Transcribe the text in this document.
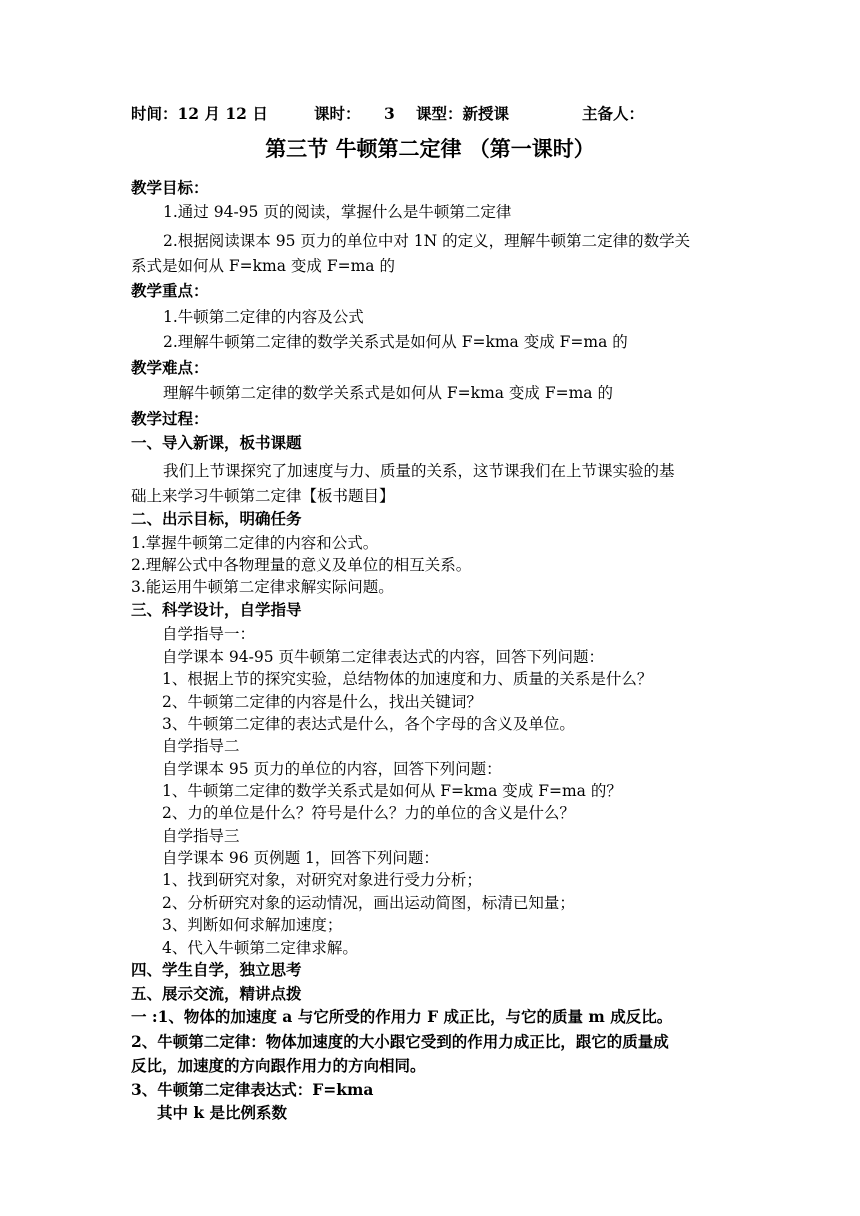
时间：12 月 12 日	课时： 3 课型：新授课	主备人：
第三节 牛顿第二定律 （第一课时）
教学目标：
1.通过 94-95 页的阅读，掌握什么是牛顿第二定律
2.根据阅读课本 95 页力的单位中对 1N 的定义，理解牛顿第二定律的数学关
系式是如何从 F=kma 变成 F=ma 的
教学重点：
1.牛顿第二定律的内容及公式
2.理解牛顿第二定律的数学关系式是如何从 F=kma 变成 F=ma 的
教学难点：
理解牛顿第二定律的数学关系式是如何从 F=kma 变成 F=ma 的
教学过程：
一、导入新课，板书课题
我们上节课探究了加速度与力、质量的关系，这节课我们在上节课实验的基
础上来学习牛顿第二定律【板书题目】
二、出示目标，明确任务
1.掌握牛顿第二定律的内容和公式。
2.理解公式中各物理量的意义及单位的相互关系。
3.能运用牛顿第二定律求解实际问题。
三、科学设计，自学指导
自学指导一：
自学课本 94-95 页牛顿第二定律表达式的内容，回答下列问题：
1、根据上节的探究实验，总结物体的加速度和力、质量的关系是什么？
2、牛顿第二定律的内容是什么，找出关键词？
3、牛顿第二定律的表达式是什么，各个字母的含义及单位。
自学指导二
自学课本 95 页力的单位的内容，回答下列问题：
1、牛顿第二定律的数学关系式是如何从 F=kma 变成 F=ma 的？
2、力的单位是什么？符号是什么？力的单位的含义是什么？
自学指导三
自学课本 96 页例题 1，回答下列问题：
1、找到研究对象，对研究对象进行受力分析；
2、分析研究对象的运动情况，画出运动简图，标清已知量；
3、判断如何求解加速度；
4、代入牛顿第二定律求解。
四、学生自学，独立思考
五、展示交流，精讲点拨
一 :1、物体的加速度 a 与它所受的作用力 F 成正比，与它的质量 m 成反比。
2、牛顿第二定律：物体加速度的大小跟它受到的作用力成正比，跟它的质量成
反比，加速度的方向跟作用力的方向相同。
3、牛顿第二定律表达式：F=kma
其中 k 是比例系数
